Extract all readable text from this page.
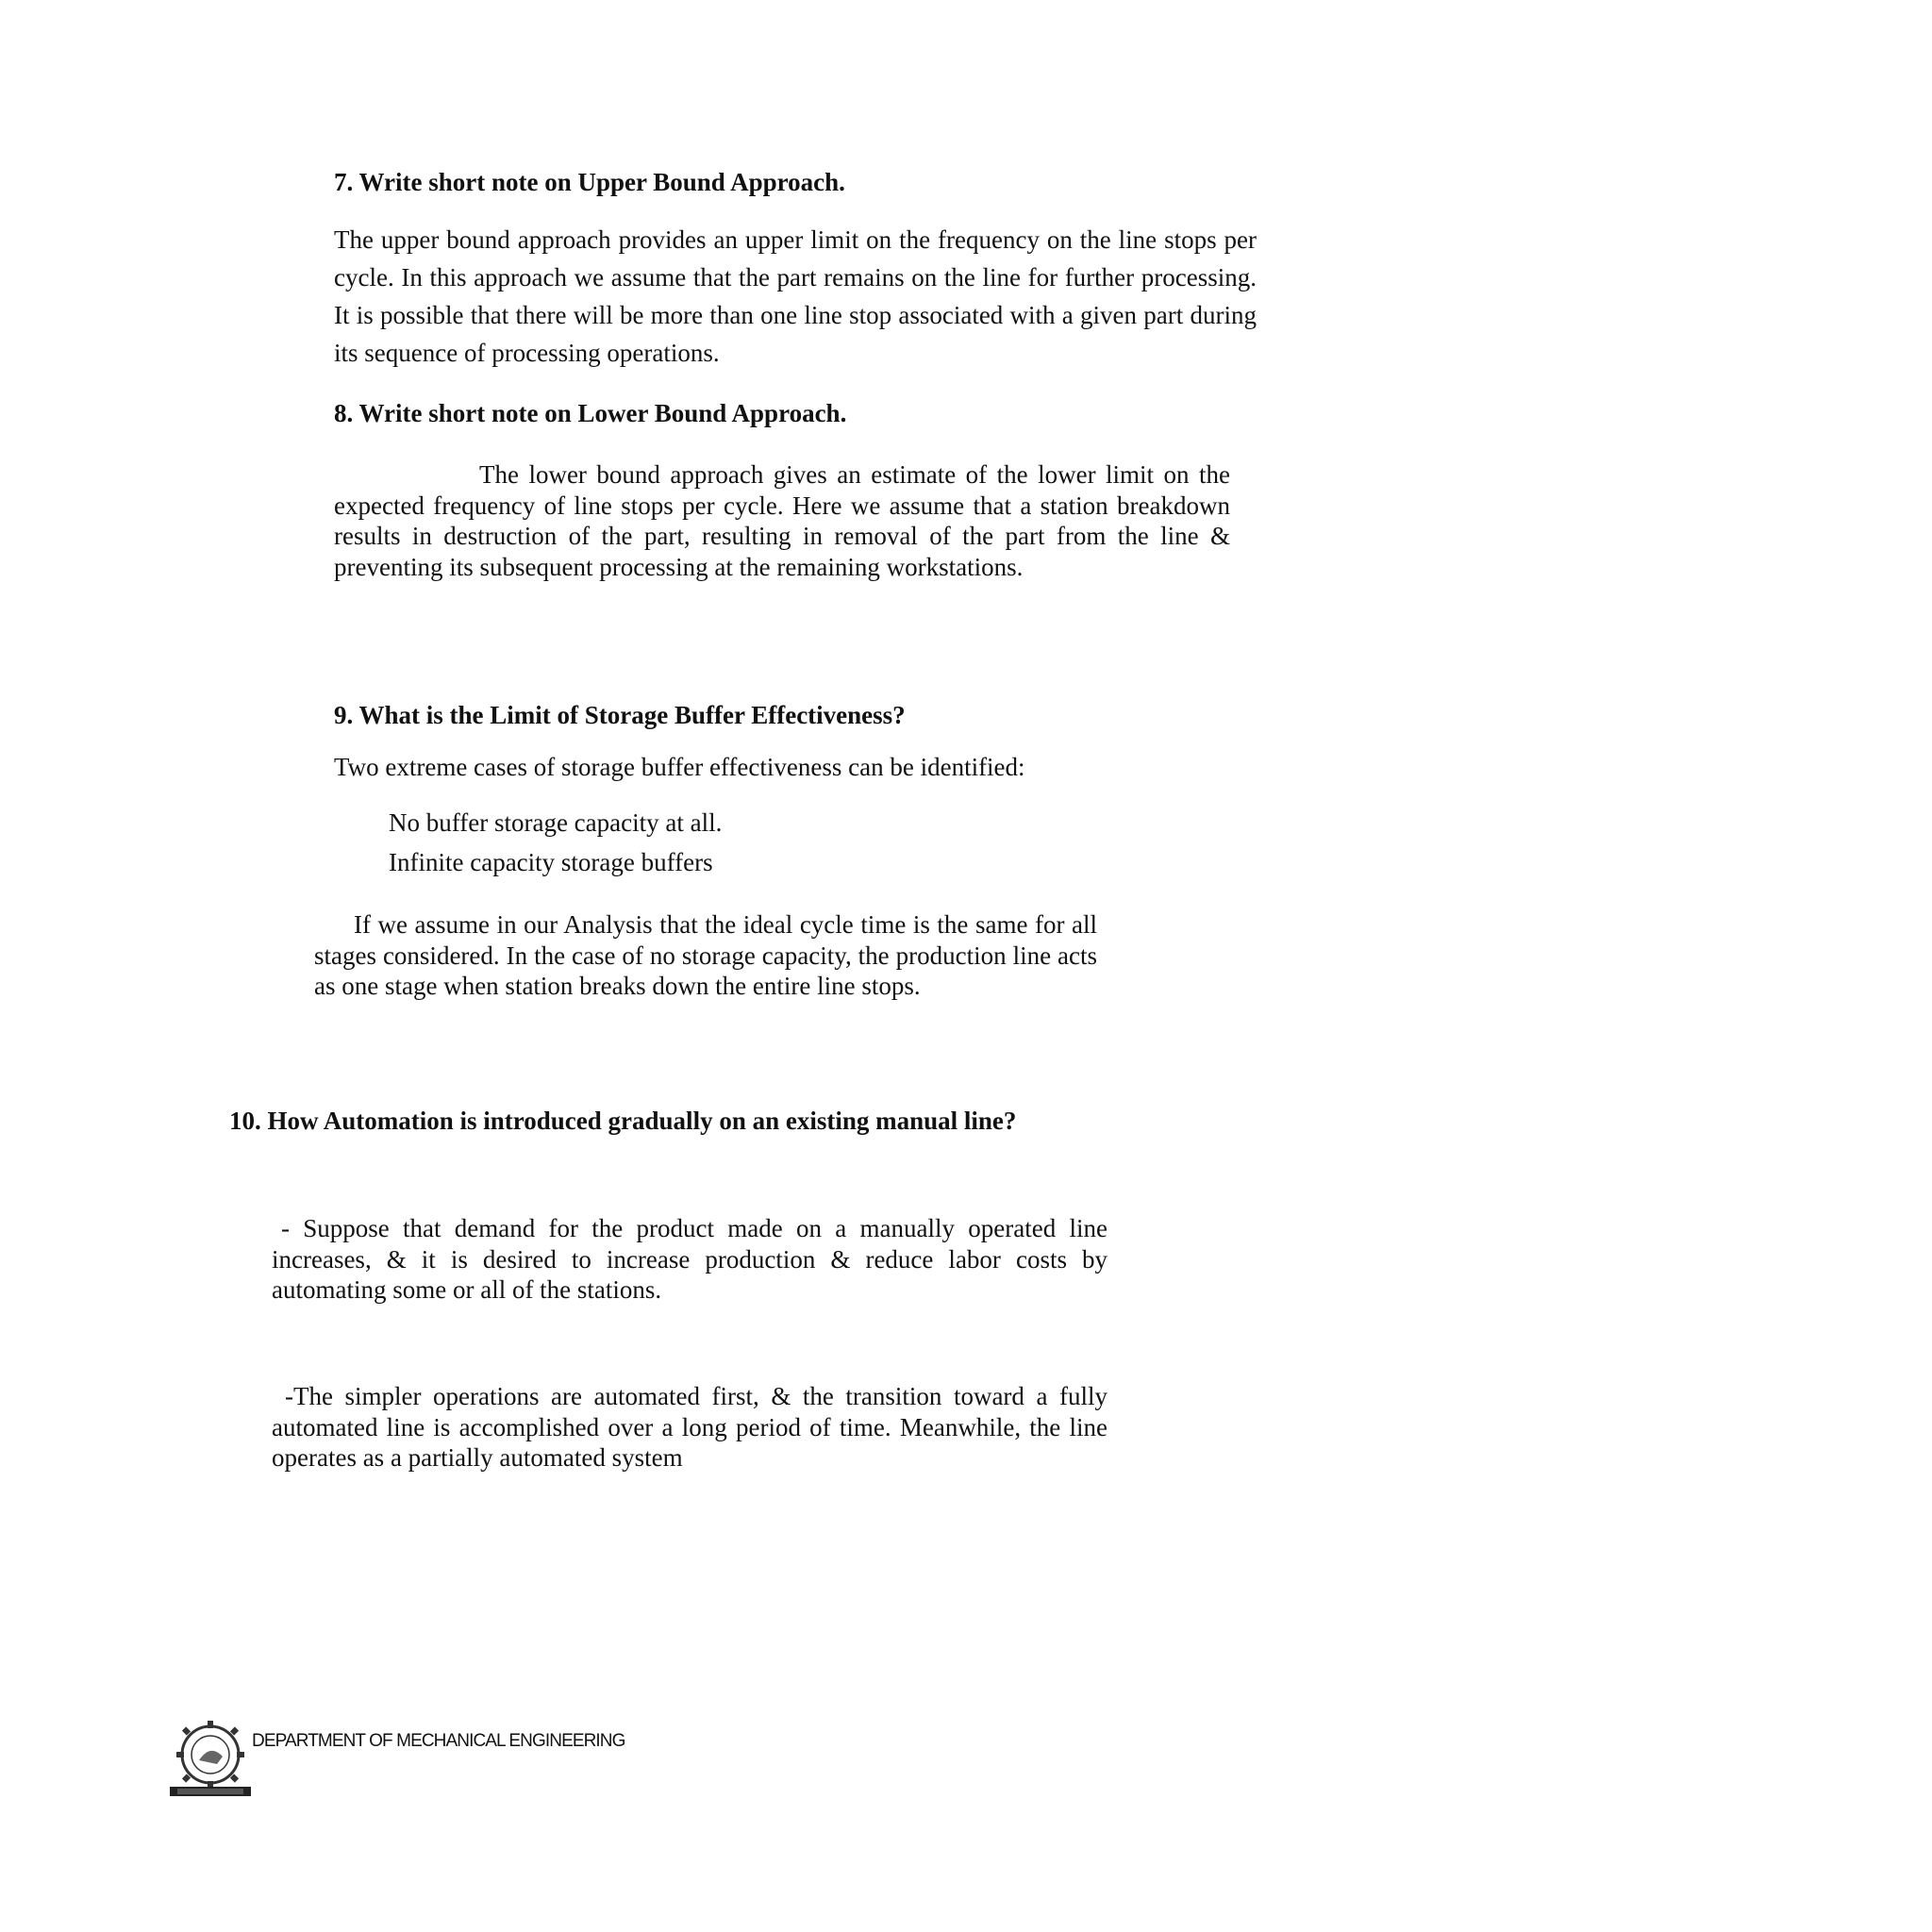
7. Write short note on Upper Bound Approach.
The upper bound approach provides an upper limit on the frequency on the line stops per cycle. In this approach we assume that the part remains on the line for further processing. It is possible that there will be more than one line stop associated with a given part during its sequence of processing operations.
8. Write short note on Lower Bound Approach.
The lower bound approach gives an estimate of the lower limit on the expected frequency of line stops per cycle. Here we assume that a station breakdown results in destruction of the part, resulting in removal of the part from the line & preventing its subsequent processing at the remaining workstations.
9. What is the Limit of Storage Buffer Effectiveness?
Two extreme cases of storage buffer effectiveness can be identified:
No buffer storage capacity at all.
Infinite capacity storage buffers
If we assume in our Analysis that the ideal cycle time is the same for all stages considered. In the case of no storage capacity, the production line acts as one stage when station breaks down the entire line stops.
10. How Automation is introduced gradually on an existing manual line?
- Suppose that demand for the product made on a manually operated line increases, & it is desired to increase production & reduce labor costs by automating some or all of the stations.
-The simpler operations are automated first, & the transition toward a fully automated line is accomplished over a long period of time. Meanwhile, the line operates as a partially automated system
DEPARTMENT OF MECHANICAL ENGINEERING
